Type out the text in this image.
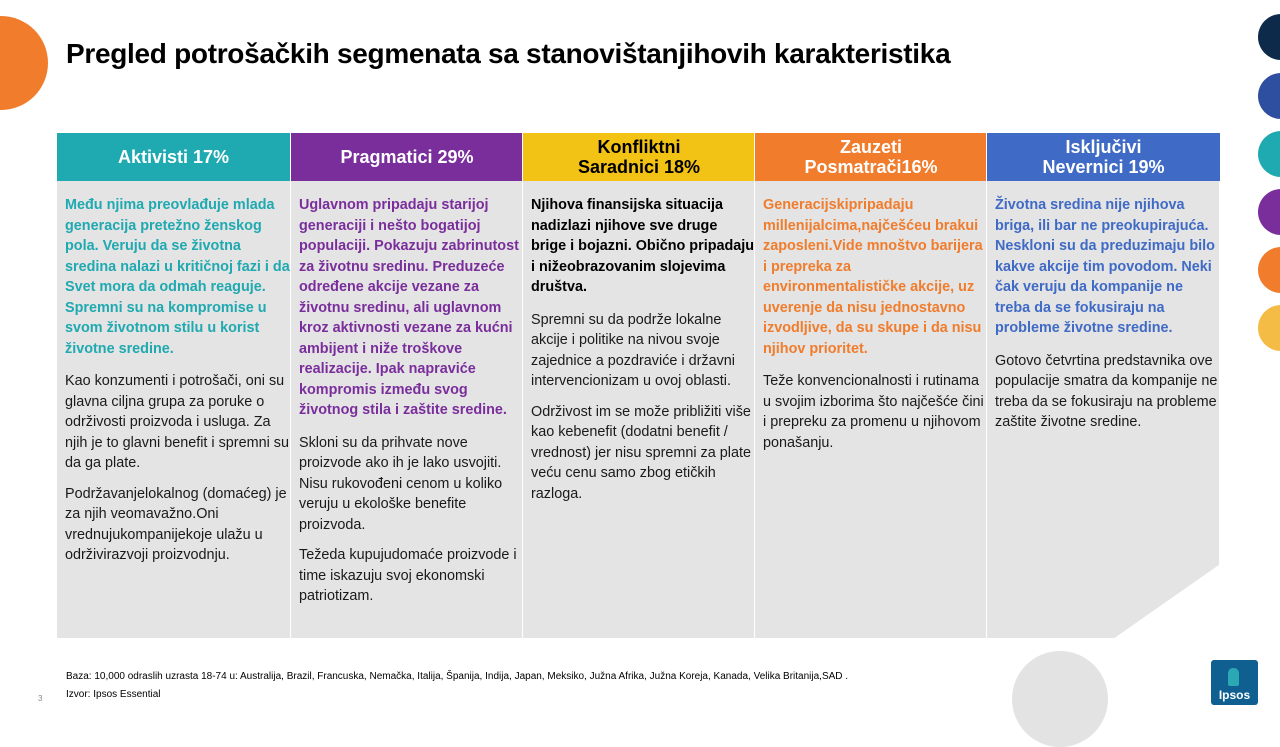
Pregled potrošačkih segmenata sa stanovištanjihovih karakteristika
Aktivisti 17%

Među njima preovlađuje mlada generacija pretežno ženskog pola. Veruju da se životna sredina nalazi u kritičnoj fazi i da Svet mora da odmah reaguje. Spremni su na kompromise u svom životnom stilu u korist životne sredine.

Kao konzumenti i potrošači, oni su glavna ciljna grupa za poruke o održivosti proizvoda i usluga. Za njih je to glavni benefit i spremni su da ga plate.

Podržavanjelokalnog (domaćeg) je za njih veomavažno.Oni vrednujukompanijekoje ulažu u održivirazvoji proizvodnju.

Pragmatici 29%

Uglavnom pripadaju starijoj generaciji i nešto bogatijoj populaciji. Pokazuju zabrinutost za životnu sredinu. Preduzeće određene akcije vezane za životnu sredinu, ali uglavnom kroz aktivnosti vezane za kućni ambijent i niže troškove realizacije. Ipak napraviće kompromis između svog životnog stila i zaštite sredine.

Skloni su da prihvate nove proizvode ako ih je lako usvojiti. Nisu rukovođeni cenom u koliko veruju u ekološke benefite proizvoda.

Težeda kupujudomaće proizvode i time iskazuju svoj ekonomski patriotizam.

Konfliktni
Saradnici 18%

Njihova finansijska situacija nadizlazi njihove sve druge brige i bojazni. Obično pripadaju i nižeobrazovanim slojevima društva.

Spremni su da podrže lokalne akcije i politike na nivou svoje zajednice a pozdraviće i državni intervencionizam u ovoj oblasti.

Održivost im se može približiti više kao kebenefit (dodatni benefit / vrednost) jer nisu spremni za plate veću cenu samo zbog etičkih razloga.

Zauzeti
Posmatrači16%

Generacijskipripadaju millenijalcima,najčešćeu brakui zaposleni.Vide mnoštvo barijera i prepreka za environmentalističke akcije, uz uverenje da nisu jednostavno izvodljive, da su skupe i da nisu njihov prioritet.

Teže konvencionalnosti i rutinama u svojim izborima što najčešće čini i prepreku za promenu u njihovom ponašanju.

Isključivi
Nevernici 19%

Životna sredina nije njihova briga, ili bar ne preokupirajuća. Neskloni su da preduzimaju bilo kakve akcije tim povodom. Neki čak veruju da kompanije ne treba da se fokusiraju na probleme životne sredine.

Gotovo četvrtina predstavnika ove populacije smatra da kompanije ne treba da se fokusiraju na probleme zaštite životne sredine.

3
Baza: 10,000 odraslih uzrasta 18-74 u: Australija, Brazil, Francuska, Nemačka, Italija, Španija, Indija, Japan, Meksiko, Južna Afrika, Južna Koreja, Kanada, Velika Britanija,SAD .
Izvor: Ipsos Essential	Ipsos
